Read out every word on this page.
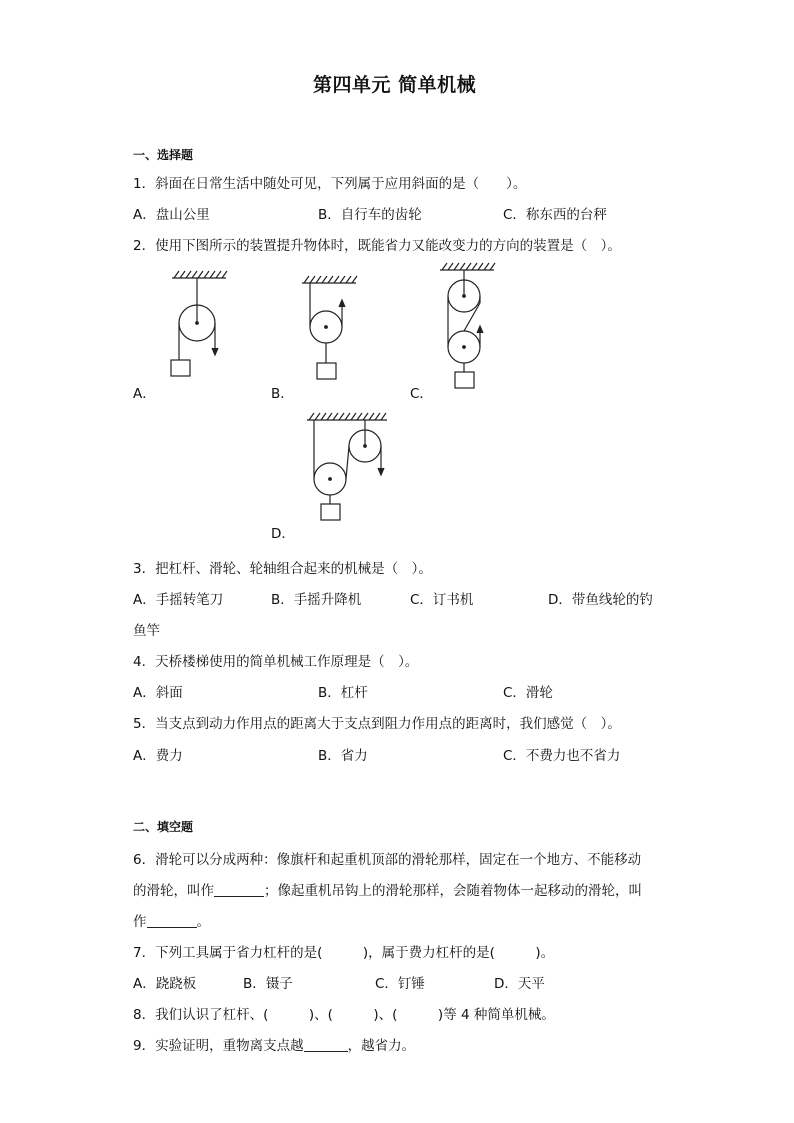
第四单元 简单机械
一、选择题
1．斜面在日常生活中随处可见，下列属于应用斜面的是（　　）。
A．盘山公里	B．自行车的齿轮	C．称东西的台秤
2．使用下图所示的装置提升物体时，既能省力又能改变力的方向的装置是（　）。
A．	B．	C．
D．
3．把杠杆、滑轮、轮轴组合起来的机械是（　）。
A．手摇转笔刀	B．手摇升降机	C．订书机	D．带鱼线轮的钓
鱼竿
4．天桥楼梯使用的简单机械工作原理是（　）。
A．斜面	B．杠杆	C．滑轮
5．当支点到动力作用点的距离大于支点到阻力作用点的距离时，我们感觉（　）。
A．费力	B．省力	C．不费力也不省力
二、填空题
6．滑轮可以分成两种：像旗杆和起重机顶部的滑轮那样，固定在一个地方、不能移动
的滑轮，叫作	；像起重机吊钩上的滑轮那样，会随着物体一起移动的滑轮，叫
作	。
7．下列工具属于省力杠杆的是(　　　)，属于费力杠杆的是(　　　)。
A．跷跷板	B．镊子	C．钉锤	D．天平
8．我们认识了杠杆、(　　　)、(　　　)、(　　　)等 4 种简单机械。
9．实验证明，重物离支点越	，越省力。
